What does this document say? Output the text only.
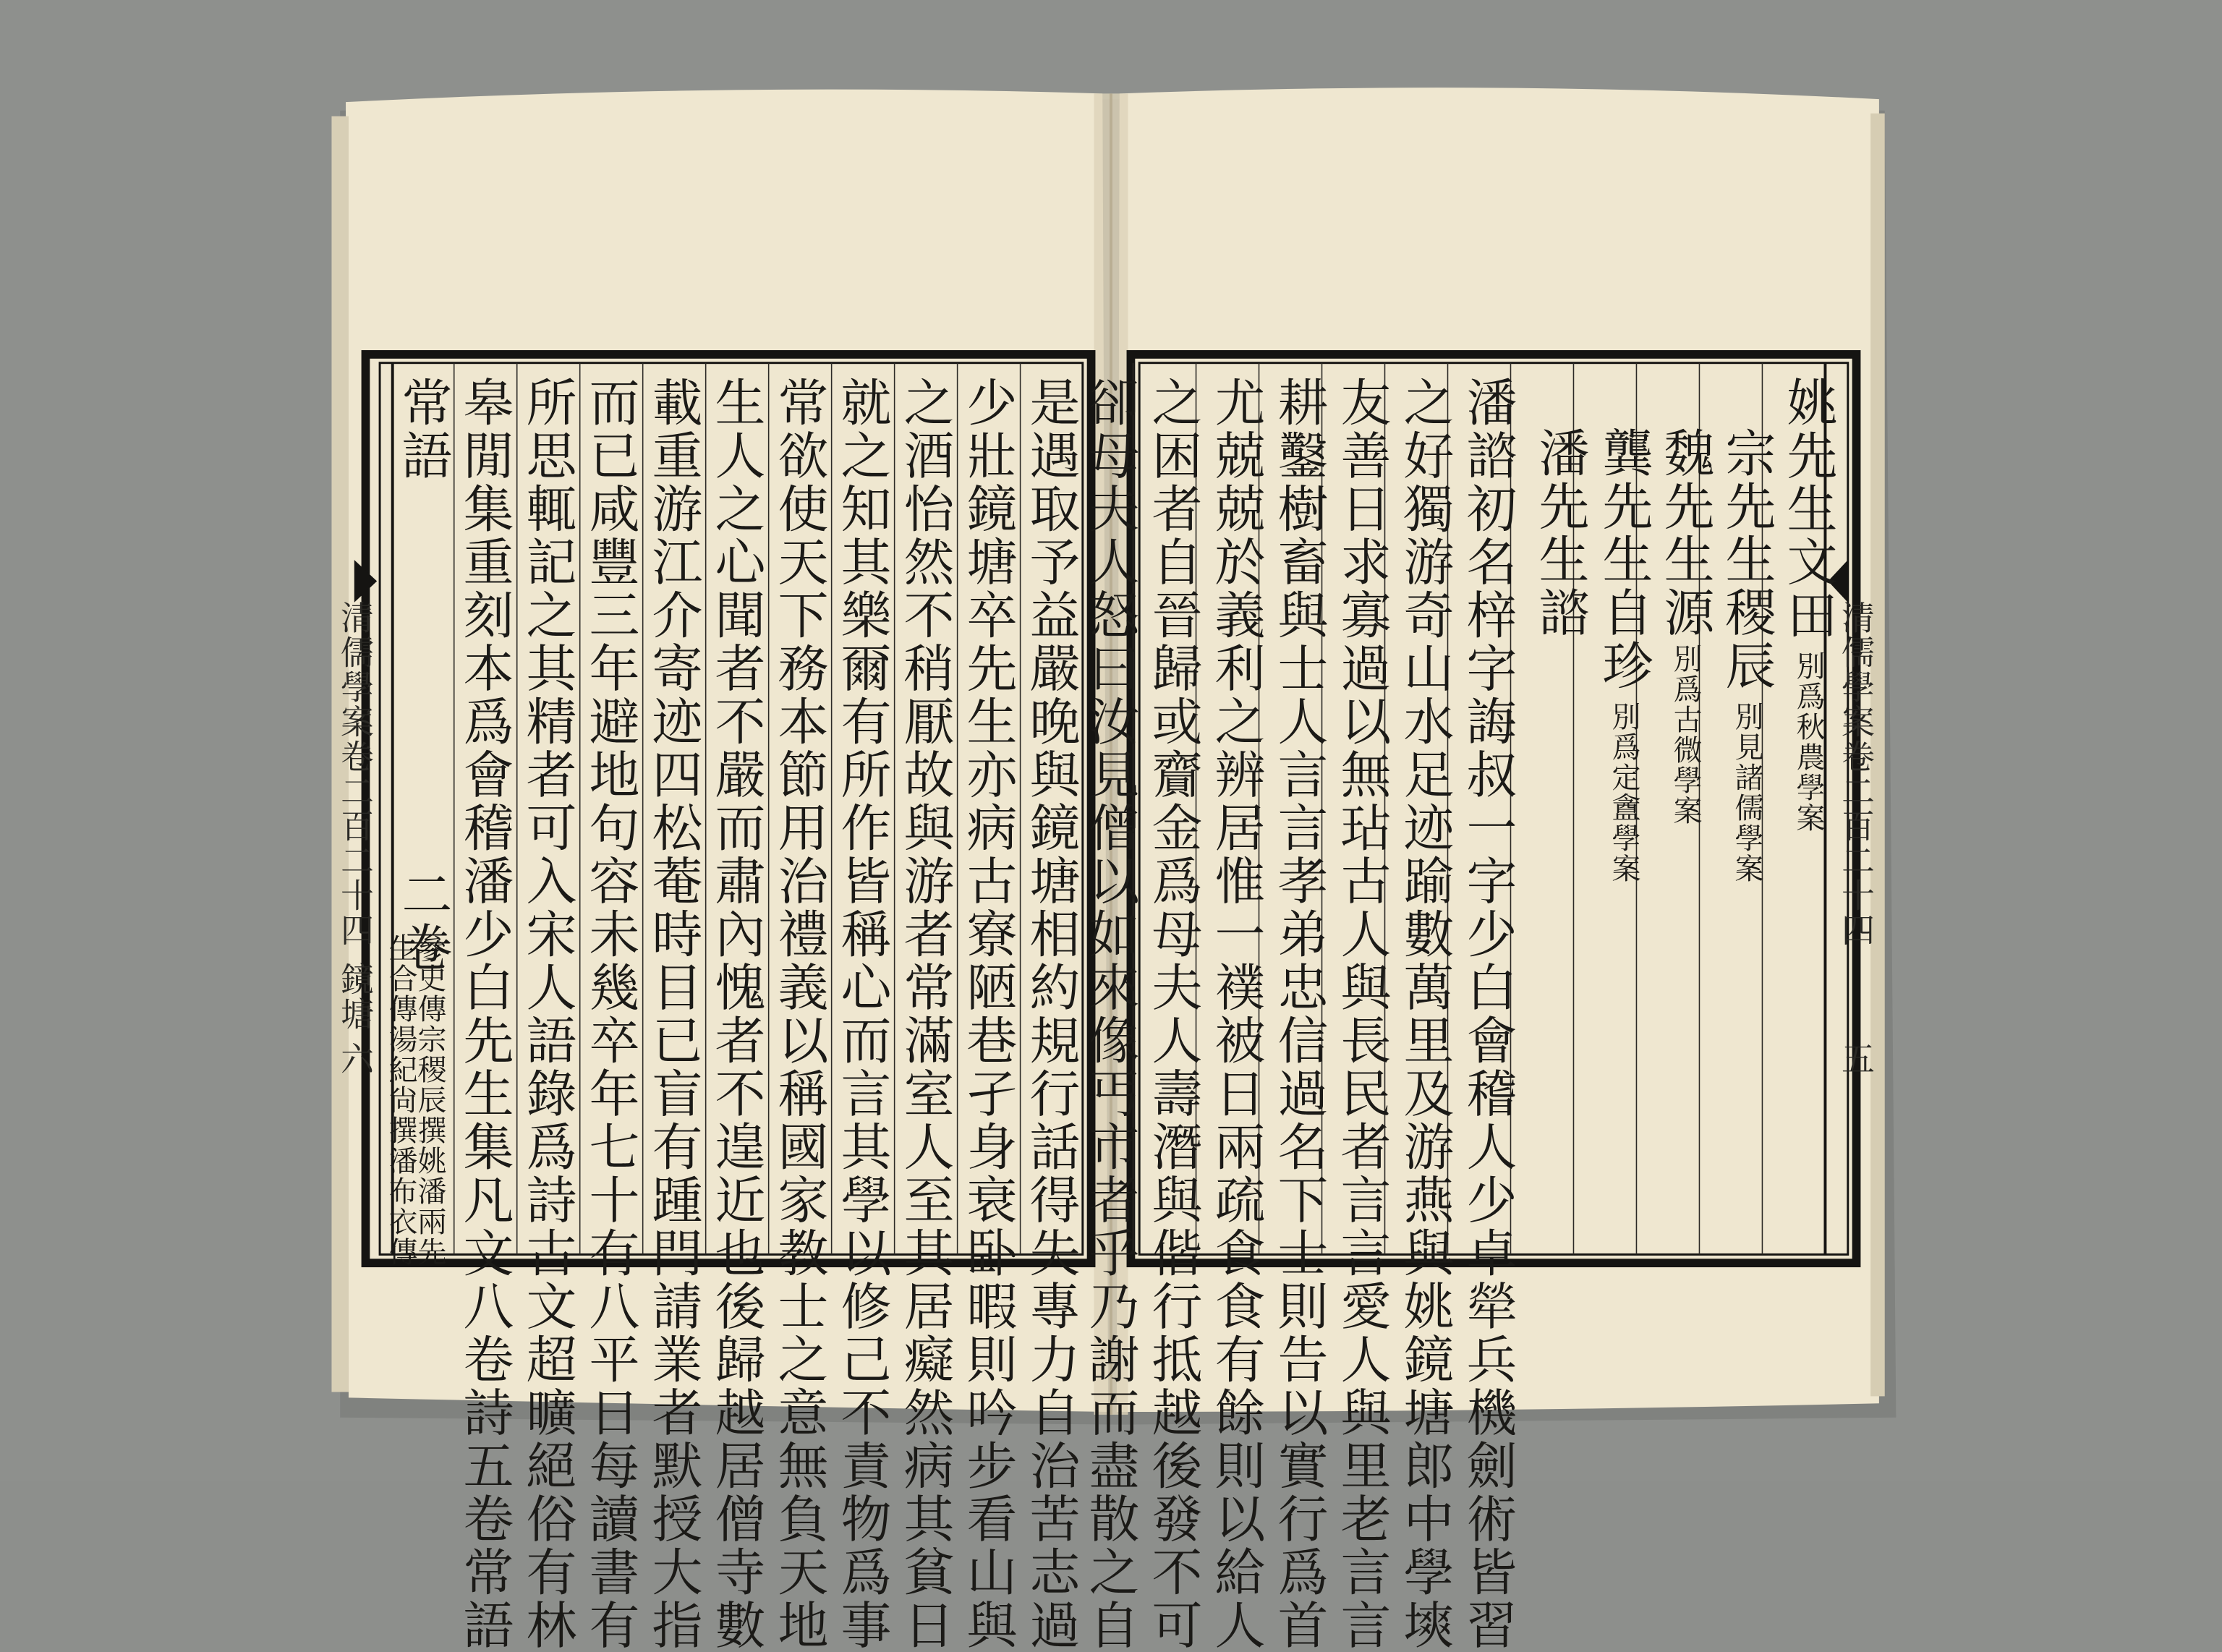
清儒學案卷二百二十四
鏡塘
六	是遇取予益嚴晚與鏡塘相約規行話得失專力自治苦志過
少壯鏡塘卒先生亦病古寮陋巷孑身衰卧暇則吟步看山與
之酒怡然不稍厭故與游者常滿室人至其居癡然病其貧日
就之知其樂爾有所作皆稱心而言其學以修己不責物爲事
常欲使天下務本節用治禮義以稱國家教士之意無負天地
生人之心聞者不嚴而肅內愧者不遑近也後歸越居僧寺數
載重游江介寄迹四松菴時目已盲有踵門請業者默授大指
而已咸豐三年避地句容未幾卒年七十有八平日每讀書有
所思輒記之其精者可入宋人語錄爲詩古文超曠絕俗有林
皋閒集重刻本爲會稽潘少白先生集凡文八卷詩五卷常語
常語
二卷
參史傳宗稷辰撰姚潘兩先
生合傳湯紀尙撰潘布衣傳
清儒學案卷二百二十四
五
姚先生文田
別爲秋農學案
宗先生稷辰
別見諸儒學案
魏先生源
別爲古微學案
龔先生自珍
別爲定盦學案
潘先生諮
潘諮初名梓字誨叔一字少白會稽人少卓犖兵機劍術皆習
之好獨游奇山水足迹踰數萬里及游燕與姚鏡塘郎中學塽
友善日求寡過以無玷古人與長民者言言愛人與里老言言
耕鑿樹畜與士人言言孝弟忠信過名下士則告以實行爲首
尤兢兢於義利之辨居惟一襆被日兩疏食食有餘則以給人
之困者自晉歸或齎金爲母夫人壽潛與偕行抵越後發不可
卻母夫人怒曰汝見僧以如來像丐市者乎乃謝而盡散之自
